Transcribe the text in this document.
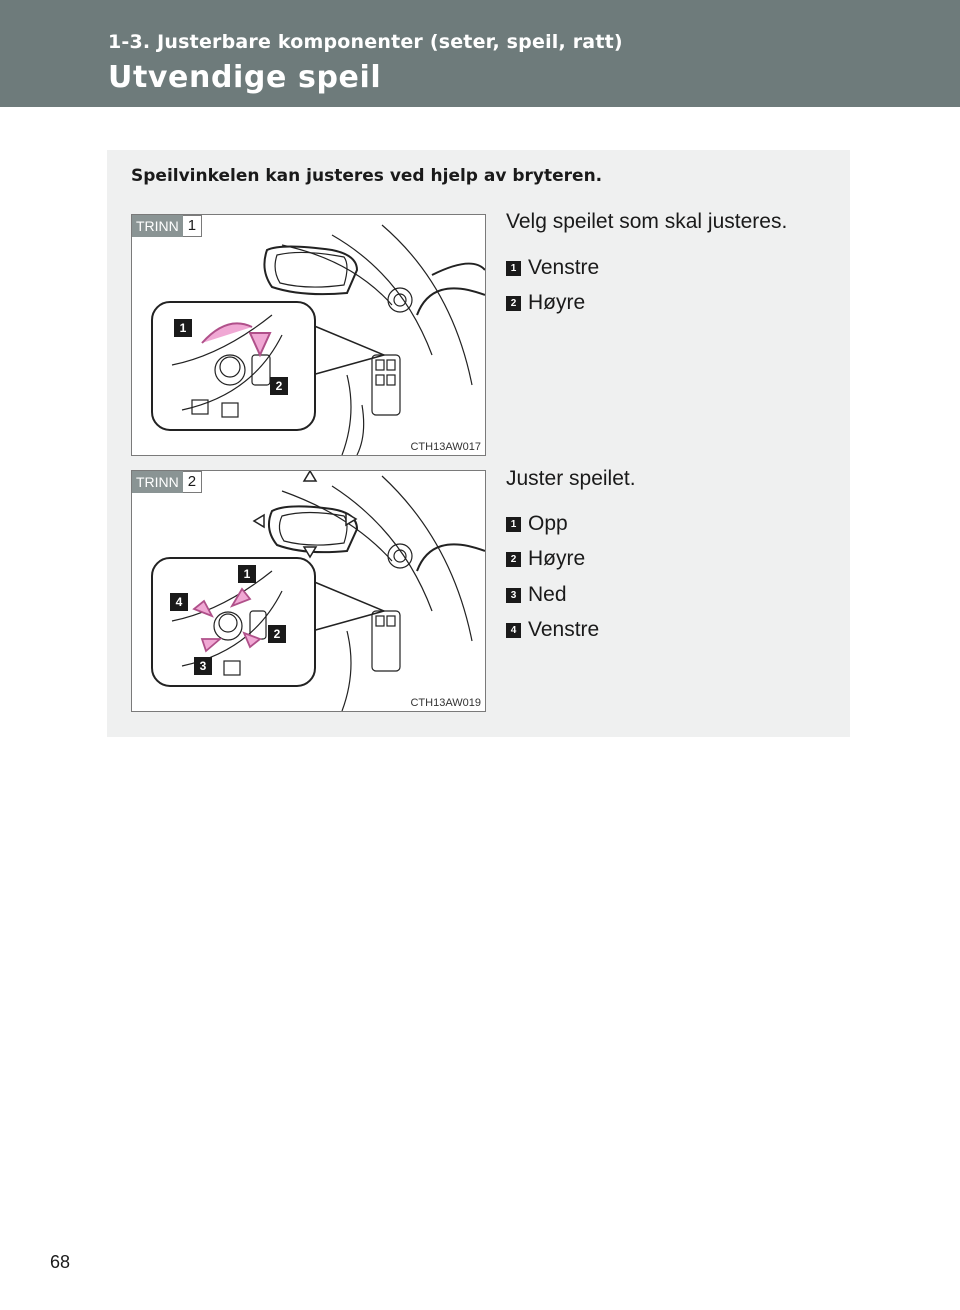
1-3. Justerbare komponenter (seter, speil, ratt)
Utvendige speil
Speilvinkelen kan justeres ved hjelp av bryteren.
1
2
TRINN 1
CTH13AW017
Velg speilet som skal justeres.
1 Venstre
2 Høyre
1
2
3
4
TRINN 2
CTH13AW019
Juster speilet.
1 Opp
2 Høyre
3 Ned
4 Venstre
68
